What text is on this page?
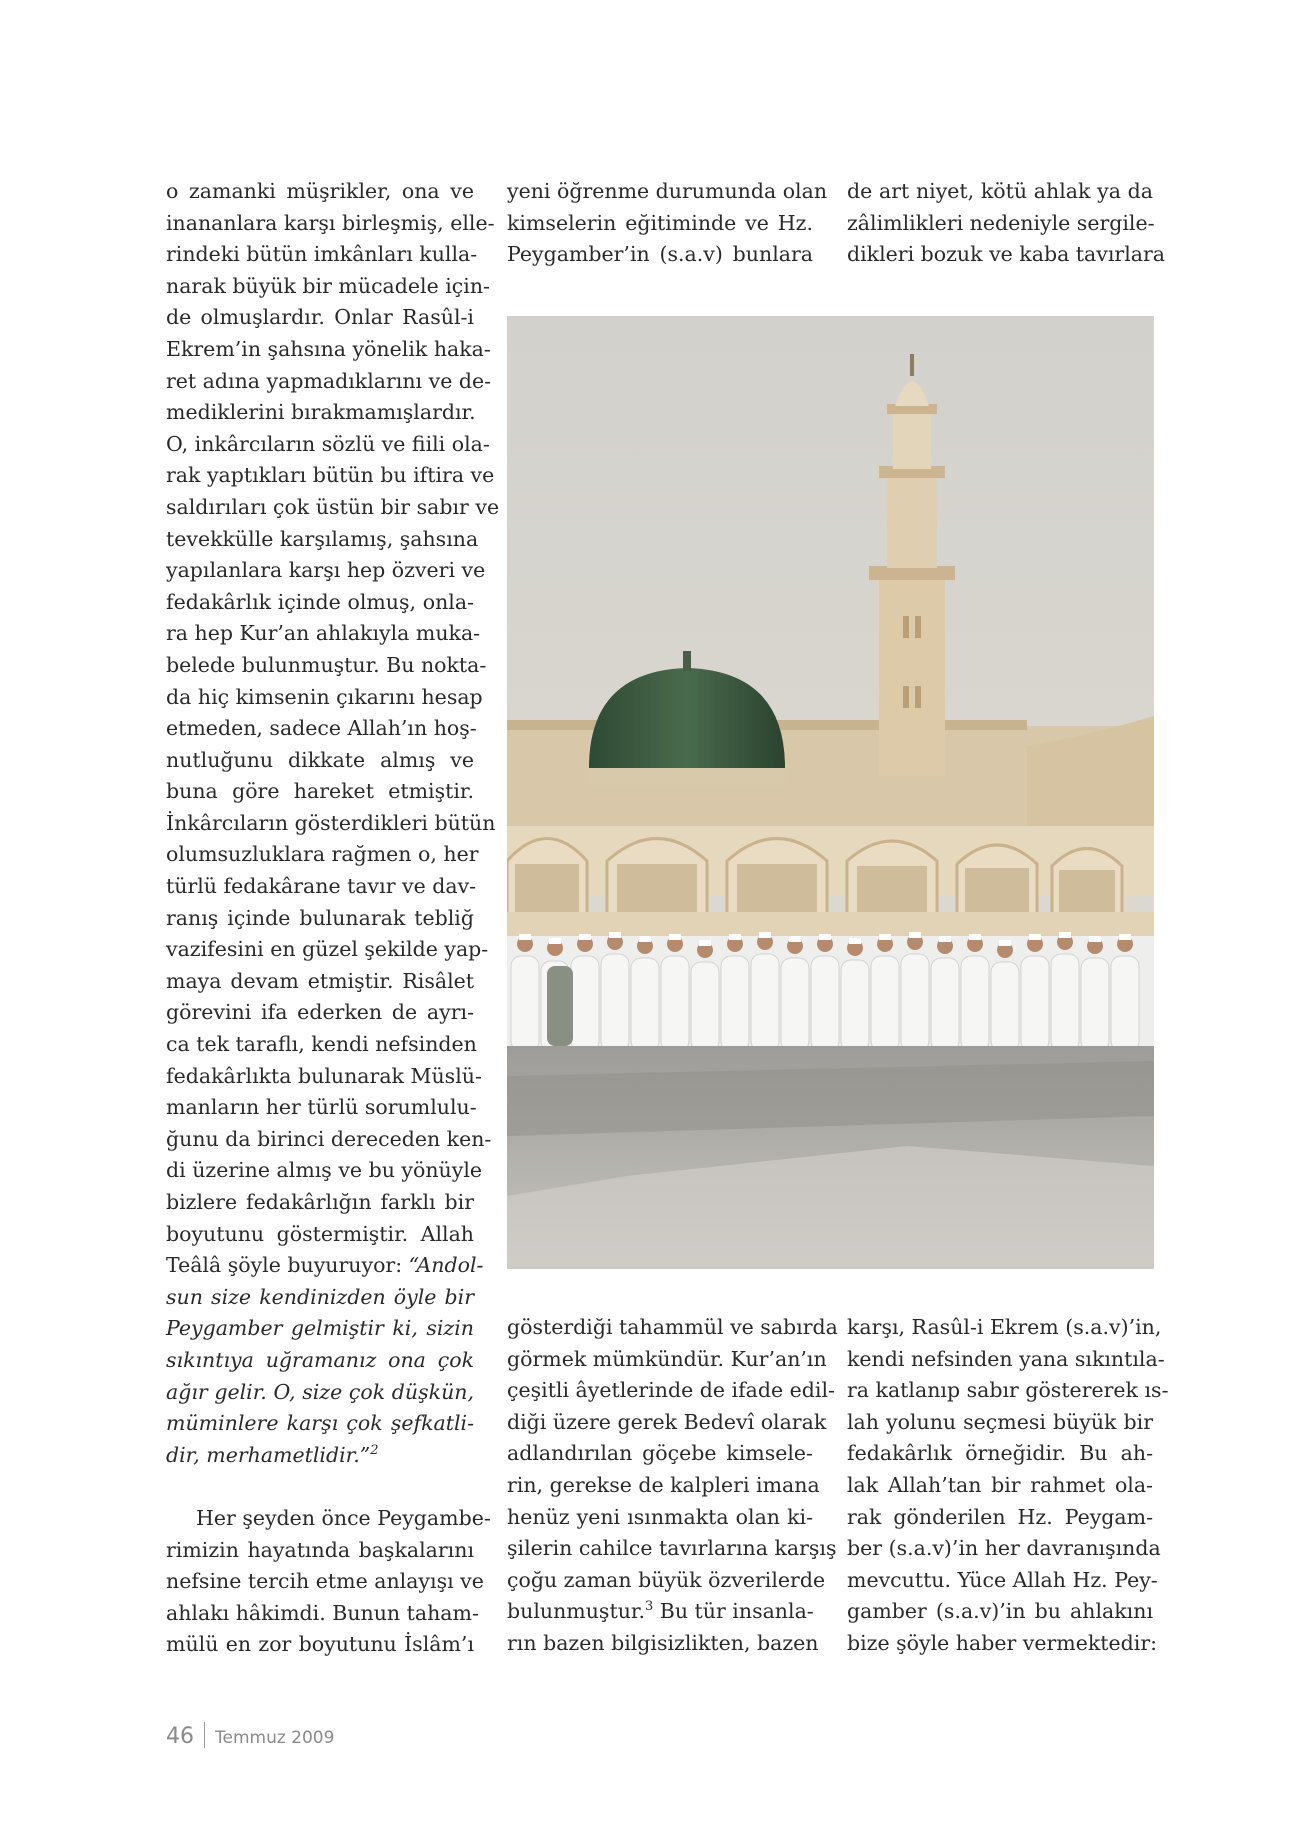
o zamanki müşrikler, ona ve
inananlara karşı birleşmiş, elle-
rindeki bütün imkânları kulla-
narak büyük bir mücadele için-
de olmuşlardır. Onlar Rasûl-i
Ekrem’in şahsına yönelik haka-
ret adına yapmadıklarını ve de-
mediklerini bırakmamışlardır.
O, inkârcıların sözlü ve fiili ola-
rak yaptıkları bütün bu iftira ve
saldırıları çok üstün bir sabır ve
tevekkülle karşılamış, şahsına
yapılanlara karşı hep özveri ve
fedakârlık içinde olmuş, onla-
ra hep Kur’an ahlakıyla muka-
belede bulunmuştur. Bu nokta-
da hiç kimsenin çıkarını hesap
etmeden, sadece Allah’ın hoş-
nutluğunu dikkate almış ve
buna göre hareket etmiştir.
İnkârcıların gösterdikleri bütün
olumsuzluklara rağmen o, her
türlü fedakârane tavır ve dav-
ranış içinde bulunarak tebliğ
vazifesini en güzel şekilde yap-
maya devam etmiştir. Risâlet
görevini ifa ederken de ayrı-
ca tek taraflı, kendi nefsinden
fedakârlıkta bulunarak Müslü-
manların her türlü sorumlulu-
ğunu da birinci dereceden ken-
di üzerine almış ve bu yönüyle
bizlere fedakârlığın farklı bir
boyutunu göstermiştir. Allah
Teâlâ şöyle buyuruyor: “Andol-
sun size kendinizden öyle bir
Peygamber gelmiştir ki, sizin
sıkıntıya uğramanız ona çok
ağır gelir. O, size çok düşkün,
müminlere karşı çok şefkatli-
dir, merhametlidir.”$^2$
Her şeyden önce Peygambe-
rimizin hayatında başkalarını
nefsine tercih etme anlayışı ve
ahlakı hâkimdi. Bunun taham-
mülü en zor boyutunu İslâm’ı
yeni öğrenme durumunda olan
kimselerin eğitiminde ve Hz.
Peygamber’in (s.a.v) bunlara
de art niyet, kötü ahlak ya da
zâlimlikleri nedeniyle sergile-
dikleri bozuk ve kaba tavırlara
gösterdiği tahammül ve sabırda
görmek mümkündür. Kur’an’ın
çeşitli âyetlerinde de ifade edil-
diği üzere gerek Bedevî olarak
adlandırılan göçebe kimsele-
rin, gerekse de kalpleri imana
henüz yeni ısınmakta olan ki-
şilerin cahilce tavırlarına karşış
çoğu zaman büyük özverilerde
bulunmuştur.$^3$ Bu tür insanla-
rın bazen bilgisizlikten, bazen
karşı, Rasûl-i Ekrem (s.a.v)’in,
kendi nefsinden yana sıkıntıla-
ra katlanıp sabır göstererek ıs-
lah yolunu seçmesi büyük bir
fedakârlık örneğidir. Bu ah-
lak Allah’tan bir rahmet ola-
rak gönderilen Hz. Peygam-
ber (s.a.v)’in her davranışında
mevcuttu. Yüce Allah Hz. Pey-
gamber (s.a.v)’in bu ahlakını
bize şöyle haber vermektedir:
46 Temmuz 2009
